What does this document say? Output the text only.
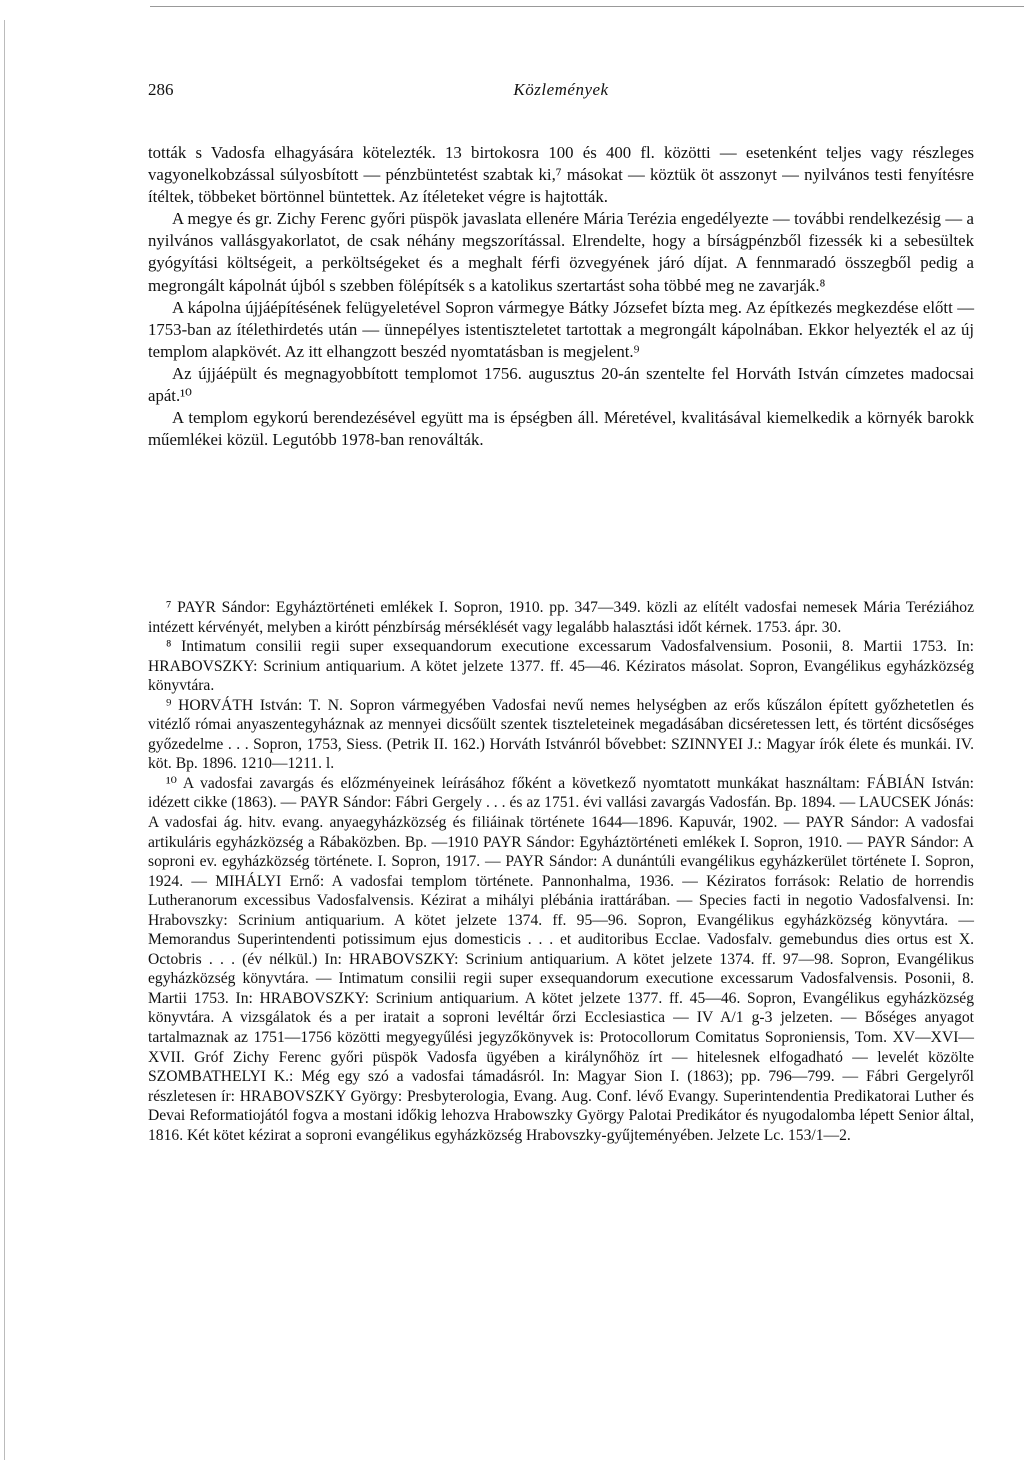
286	Közlemények

tották s Vadosfa elhagyására kötelezték. 13 birtokosra 100 és 400 fl. közötti — esetenként teljes vagy részleges vagyonelkobzással súlyosbított — pénzbüntetést szabtak ki,⁷ másokat — köztük öt asszonyt — nyilvános testi fenyítésre ítéltek, többeket börtönnel büntettek. Az ítéleteket végre is hajtották.

A megye és gr. Zichy Ferenc győri püspök javaslata ellenére Mária Terézia engedélyezte — további rendelkezésig — a nyilvános vallásgyakorlatot, de csak néhány megszorítással. Elrendelte, hogy a bírságpénzből fizessék ki a sebesültek gyógyítási költségeit, a perköltségeket és a meghalt férfi özvegyének járó díjat. A fennmaradó összegből pedig a megrongált kápolnát újból s szebben fölépítsék s a katolikus szertartást soha többé meg ne zavarják.⁸

A kápolna újjáépítésének felügyeletével Sopron vármegye Bátky Józsefet bízta meg. Az építkezés megkezdése előtt — 1753-ban az ítélethirdetés után — ünnepélyes istentiszteletet tartottak a megrongált kápolnában. Ekkor helyezték el az új templom alapkövét. Az itt elhangzott beszéd nyomtatásban is megjelent.⁹

Az újjáépült és megnagyobbított templomot 1756. augusztus 20-án szentelte fel Horváth István címzetes madocsai apát.¹⁰

A templom egykorú berendezésével együtt ma is épségben áll. Méretével, kvalitásával kiemelkedik a környék barokk műemlékei közül. Legutóbb 1978-ban renoválták.

⁷ PAYR Sándor: Egyháztörténeti emlékek I. Sopron, 1910. pp. 347—349. közli az elítélt vadosfai nemesek Mária Teréziához intézett kérvényét, melyben a kirótt pénzbírság mérséklését vagy legalább halasztási időt kérnek. 1753. ápr. 30.

⁸ Intimatum consilii regii super exsequandorum executione excessarum Vadosfalvensium. Posonii, 8. Martii 1753. In: HRABOVSZKY: Scrinium antiquarium. A kötet jelzete 1377. ff. 45—46. Kéziratos másolat. Sopron, Evangélikus egyházközség könyvtára.

⁹ HORVÁTH István: T. N. Sopron vármegyében Vadosfai nevű nemes helységben az erős kűszálon épített győzhetetlen és vitézlő római anyaszentegyháznak az mennyei dicsőült szentek tiszteleteinek megadásában dicséretessen lett, és történt dicsőséges győzedelme . . . Sopron, 1753, Siess. (Petrik II. 162.) Horváth Istvánról bővebbet: SZINNYEI J.: Magyar írók élete és munkái. IV. köt. Bp. 1896. 1210—1211. l.

¹⁰ A vadosfai zavargás és előzményeinek leírásához főként a következő nyomtatott munkákat használtam: FÁBIÁN István: idézett cikke (1863). — PAYR Sándor: Fábri Gergely . . . és az 1751. évi vallási zavargás Vadosfán. Bp. 1894. — LAUCSEK Jónás: A vadosfai ág. hitv. evang. anyaegyházközség és filiáinak története 1644—1896. Kapuvár, 1902. — PAYR Sándor: A vadosfai artikuláris egyházközség a Rábaközben. Bp. —1910 PAYR Sándor: Egyháztörténeti emlékek I. Sopron, 1910. — PAYR Sándor: A soproni ev. egyházközség története. I. Sopron, 1917. — PAYR Sándor: A dunántúli evangélikus egyházkerület története I. Sopron, 1924. — MIHÁLYI Ernő: A vadosfai templom története. Pannonhalma, 1936. — Kéziratos források: Relatio de horrendis Lutheranorum excessibus Vadosfalvensis. Kézirat a mihályi plébánia irattárában. — Species facti in negotio Vadosfalvensi. In: Hrabovszky: Scrinium antiquarium. A kötet jelzete 1374. ff. 95—96. Sopron, Evangélikus egyházközség könyvtára. — Memorandus Superintendenti potissimum ejus domesticis . . . et auditoribus Ecclae. Vadosfalv. gemebundus dies ortus est X. Octobris . . . (év nélkül.) In: HRABOVSZKY: Scrinium antiquarium. A kötet jelzete 1374. ff. 97—98. Sopron, Evangélikus egyházközség könyvtára. — Intimatum consilii regii super exsequandorum executione excessarum Vadosfalvensis. Posonii, 8. Martii 1753. In: HRABOVSZKY: Scrinium antiquarium. A kötet jelzete 1377. ff. 45—46. Sopron, Evangélikus egyházközség könyvtára. A vizsgálatok és a per iratait a soproni levéltár őrzi Ecclesiastica — IV A/1 g-3 jelzeten. — Bőséges anyagot tartalmaznak az 1751—1756 közötti megyegyűlési jegyzőkönyvek is: Protocollorum Comitatus Soproniensis, Tom. XV—XVI—XVII. Gróf Zichy Ferenc győri püspök Vadosfa ügyében a királynőhöz írt — hitelesnek elfogadható — levelét közölte SZOMBATHELYI K.: Még egy szó a vadosfai támadásról. In: Magyar Sion I. (1863); pp. 796—799. — Fábri Gergelyről részletesen ír: HRABOVSZKY György: Presbyterologia, Evang. Aug. Conf. lévő Evangy. Superintendentia Predikatorai Luther és Devai Reformatiojától fogva a mostani időkig lehozva Hrabowszky György Palotai Predikátor és nyugodalomba lépett Senior által, 1816. Két kötet kézirat a soproni evangélikus egyházközség Hrabovszky-gyűjteményében. Jelzete Lc. 153/1—2.
